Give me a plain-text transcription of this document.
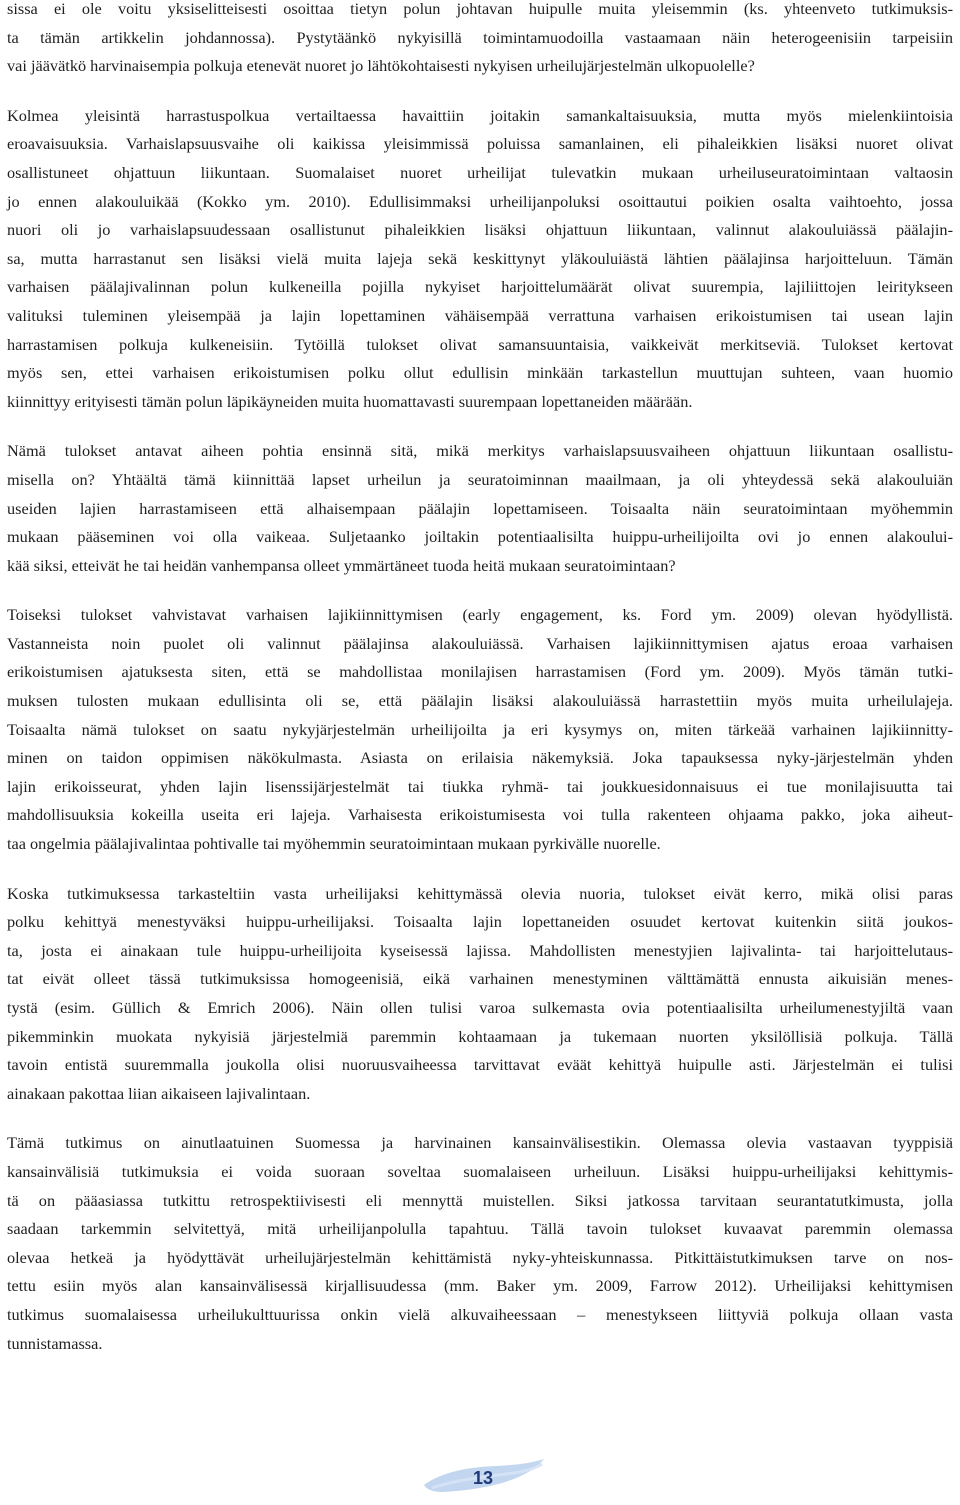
sissa ei ole voitu yksiselitteisesti osoittaa tietyn polun johtavan huipulle muita yleisemmin (ks. yhteenveto tutkimuksis-
ta tämän artikkelin johdannossa). Pystytäänkö nykyisillä toimintamuodoilla vastaamaan näin heterogeenisiin tarpeisiin
vai jäävätkö harvinaisempia polkuja etenevät nuoret jo lähtökohtaisesti nykyisen urheilujärjestelmän ulkopuolelle?

Kolmea yleisintä harrastuspolkua vertailtaessa havaittiin joitakin samankaltaisuuksia, mutta myös mielenkiintoisia
eroavaisuuksia. Varhaislapsuusvaihe oli kaikissa yleisimmissä poluissa samanlainen, eli pihaleikkien lisäksi nuoret olivat
osallistuneet ohjattuun liikuntaan. Suomalaiset nuoret urheilijat tulevatkin mukaan urheiluseuratoimintaan valtaosin
jo ennen alakouluikää (Kokko ym. 2010). Edullisimmaksi urheilijanpoluksi osoittautui poikien osalta vaihtoehto, jossa
nuori oli jo varhaislapsuudessaan osallistunut pihaleikkien lisäksi ohjattuun liikuntaan, valinnut alakouluiässä päälajin-
sa, mutta harrastanut sen lisäksi vielä muita lajeja sekä keskittynyt yläkouluiästä lähtien päälajinsa harjoitteluun. Tämän
varhaisen päälajivalinnan polun kulkeneilla pojilla nykyiset harjoittelumäärät olivat suurempia, lajiliittojen leiritykseen
valituksi tuleminen yleisempää ja lajin lopettaminen vähäisempää verrattuna varhaisen erikoistumisen tai usean lajin
harrastamisen polkuja kulkeneisiin. Tytöillä tulokset olivat samansuuntaisia, vaikkeivät merkitseviä. Tulokset kertovat
myös sen, ettei varhaisen erikoistumisen polku ollut edullisin minkään tarkastellun muuttujan suhteen, vaan huomio
kiinnittyy erityisesti tämän polun läpikäyneiden muita huomattavasti suurempaan lopettaneiden määrään.

Nämä tulokset antavat aiheen pohtia ensinnä sitä, mikä merkitys varhaislapsuusvaiheen ohjattuun liikuntaan osallistu-
misella on? Yhtäältä tämä kiinnittää lapset urheilun ja seuratoiminnan maailmaan, ja oli yhteydessä sekä alakouluiän
useiden lajien harrastamiseen että alhaisempaan päälajin lopettamiseen. Toisaalta näin seuratoimintaan myöhemmin
mukaan pääseminen voi olla vaikeaa. Suljetaanko joiltakin potentiaalisilta huippu-urheilijoilta ovi jo ennen alakoului-
kää siksi, etteivät he tai heidän vanhempansa olleet ymmärtäneet tuoda heitä mukaan seuratoimintaan?

Toiseksi tulokset vahvistavat varhaisen lajikiinnittymisen (early engagement, ks. Ford ym. 2009) olevan hyödyllistä.
Vastanneista noin puolet oli valinnut päälajinsa alakouluiässä. Varhaisen lajikiinnittymisen ajatus eroaa varhaisen
erikoistumisen ajatuksesta siten, että se mahdollistaa monilajisen harrastamisen (Ford ym. 2009). Myös tämän tutki-
muksen tulosten mukaan edullisinta oli se, että päälajin lisäksi alakouluiässä harrastettiin myös muita urheilulajeja.
Toisaalta nämä tulokset on saatu nykyjärjestelmän urheilijoilta ja eri kysymys on, miten tärkeää varhainen lajikiinnitty-
minen on taidon oppimisen näkökulmasta. Asiasta on erilaisia näkemyksiä. Joka tapauksessa nyky-järjestelmän yhden
lajin erikoisseurat, yhden lajin lisenssijärjestelmät tai tiukka ryhmä- tai joukkuesidonnaisuus ei tue monilajisuutta tai
mahdollisuuksia kokeilla useita eri lajeja. Varhaisesta erikoistumisesta voi tulla rakenteen ohjaama pakko, joka aiheut-
taa ongelmia päälajivalintaa pohtivalle tai myöhemmin seuratoimintaan mukaan pyrkivälle nuorelle.

Koska tutkimuksessa tarkasteltiin vasta urheilijaksi kehittymässä olevia nuoria, tulokset eivät kerro, mikä olisi paras
polku kehittyä menestyväksi huippu-urheilijaksi. Toisaalta lajin lopettaneiden osuudet kertovat kuitenkin siitä joukos-
ta, josta ei ainakaan tule huippu-urheilijoita kyseisessä lajissa. Mahdollisten menestyjien lajivalinta- tai harjoittelutaus-
tat eivät olleet tässä tutkimuksissa homogeenisiä, eikä varhainen menestyminen välttämättä ennusta aikuisiän menes-
tystä (esim. Güllich & Emrich 2006). Näin ollen tulisi varoa sulkemasta ovia potentiaalisilta urheilumenestyjiltä vaan
pikemminkin muokata nykyisiä järjestelmiä paremmin kohtaamaan ja tukemaan nuorten yksilöllisiä polkuja. Tällä
tavoin entistä suuremmalla joukolla olisi nuoruusvaiheessa tarvittavat eväät kehittyä huipulle asti. Järjestelmän ei tulisi
ainakaan pakottaa liian aikaiseen lajivalintaan.

Tämä tutkimus on ainutlaatuinen Suomessa ja harvinainen kansainvälisestikin. Olemassa olevia vastaavan tyyppisiä
kansainvälisiä tutkimuksia ei voida suoraan soveltaa suomalaiseen urheiluun. Lisäksi huippu-urheilijaksi kehittymis-
tä on pääasiassa tutkittu retrospektiivisesti eli mennyttä muistellen. Siksi jatkossa tarvitaan seurantatutkimusta, jolla
saadaan tarkemmin selvitettyä, mitä urheilijanpolulla tapahtuu. Tällä tavoin tulokset kuvaavat paremmin olemassa
olevaa hetkeä ja hyödyttävät urheilujärjestelmän kehittämistä nyky-yhteiskunnassa. Pitkittäistutkimuksen tarve on nos-
tettu esiin myös alan kansainvälisessä kirjallisuudessa (mm. Baker ym. 2009, Farrow 2012). Urheilijaksi kehittymisen
tutkimus suomalaisessa urheilukulttuurissa onkin vielä alkuvaiheessaan – menestykseen liittyviä polkuja ollaan vasta
tunnistamassa.

13
